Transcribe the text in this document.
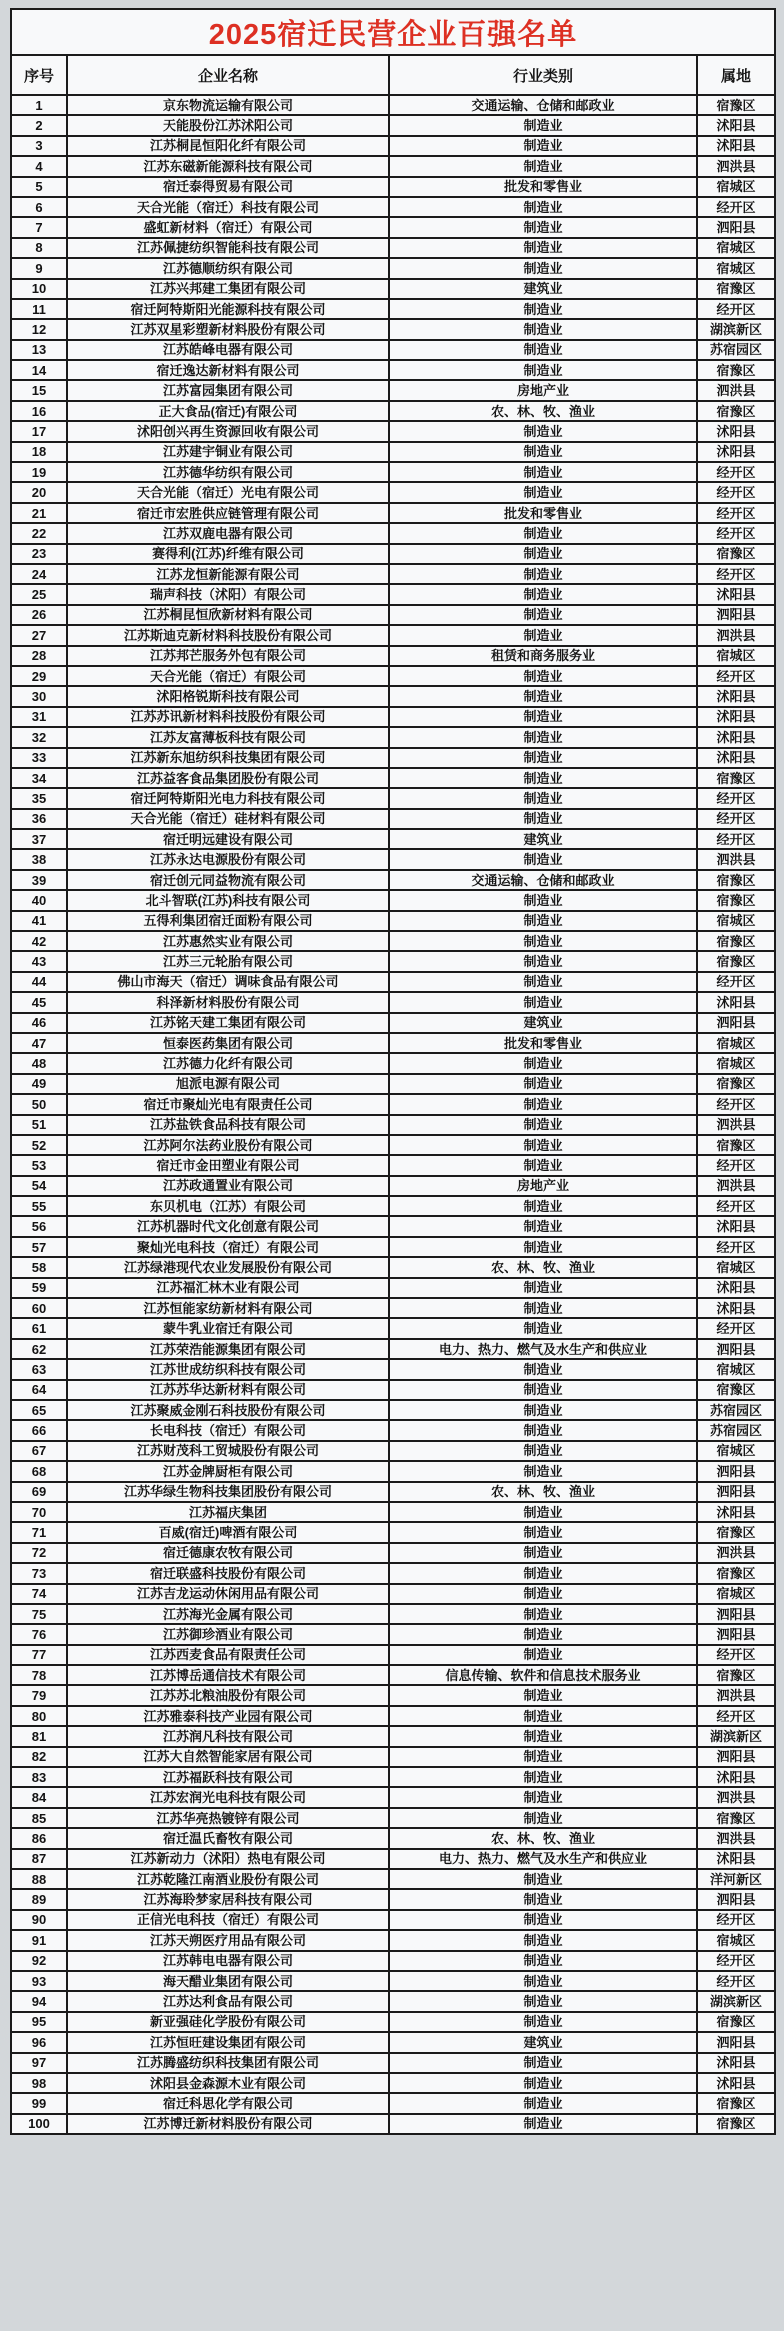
2025宿迁民营企业百强名单			
序号	企业名称	行业类别	属地
1	京东物流运输有限公司	交通运输、仓储和邮政业	宿豫区
2	天能股份江苏沭阳公司	制造业	沭阳县
3	江苏桐昆恒阳化纤有限公司	制造业	沭阳县
4	江苏东磁新能源科技有限公司	制造业	泗洪县
5	宿迁泰得贸易有限公司	批发和零售业	宿城区
6	天合光能（宿迁）科技有限公司	制造业	经开区
7	盛虹新材料（宿迁）有限公司	制造业	泗阳县
8	江苏佩捷纺织智能科技有限公司	制造业	宿城区
9	江苏德顺纺织有限公司	制造业	宿城区
10	江苏兴邦建工集团有限公司	建筑业	宿豫区
11	宿迁阿特斯阳光能源科技有限公司	制造业	经开区
12	江苏双星彩塑新材料股份有限公司	制造业	湖滨新区
13	江苏皓峰电器有限公司	制造业	苏宿园区
14	宿迁逸达新材料有限公司	制造业	宿豫区
15	江苏富园集团有限公司	房地产业	泗洪县
16	正大食品(宿迁)有限公司	农、林、牧、渔业	宿豫区
17	沭阳创兴再生资源回收有限公司	制造业	沭阳县
18	江苏建宇铜业有限公司	制造业	沭阳县
19	江苏德华纺织有限公司	制造业	经开区
20	天合光能（宿迁）光电有限公司	制造业	经开区
21	宿迁市宏胜供应链管理有限公司	批发和零售业	经开区
22	江苏双鹿电器有限公司	制造业	经开区
23	赛得利(江苏)纤维有限公司	制造业	宿豫区
24	江苏龙恒新能源有限公司	制造业	经开区
25	瑞声科技（沭阳）有限公司	制造业	沭阳县
26	江苏桐昆恒欣新材料有限公司	制造业	泗阳县
27	江苏斯迪克新材料科技股份有限公司	制造业	泗洪县
28	江苏邦芒服务外包有限公司	租赁和商务服务业	宿城区
29	天合光能（宿迁）有限公司	制造业	经开区
30	沭阳格锐斯科技有限公司	制造业	沭阳县
31	江苏苏讯新材料科技股份有限公司	制造业	沭阳县
32	江苏友富薄板科技有限公司	制造业	沭阳县
33	江苏新东旭纺织科技集团有限公司	制造业	沭阳县
34	江苏益客食品集团股份有限公司	制造业	宿豫区
35	宿迁阿特斯阳光电力科技有限公司	制造业	经开区
36	天合光能（宿迁）硅材料有限公司	制造业	经开区
37	宿迁明远建设有限公司	建筑业	经开区
38	江苏永达电源股份有限公司	制造业	泗洪县
39	宿迁创元同益物流有限公司	交通运输、仓储和邮政业	宿豫区
40	北斗智联(江苏)科技有限公司	制造业	宿豫区
41	五得利集团宿迁面粉有限公司	制造业	宿城区
42	江苏惠然实业有限公司	制造业	宿豫区
43	江苏三元轮胎有限公司	制造业	宿豫区
44	佛山市海天（宿迁）调味食品有限公司	制造业	经开区
45	科泽新材料股份有限公司	制造业	沭阳县
46	江苏铭天建工集团有限公司	建筑业	泗阳县
47	恒泰医药集团有限公司	批发和零售业	宿城区
48	江苏德力化纤有限公司	制造业	宿城区
49	旭派电源有限公司	制造业	宿豫区
50	宿迁市聚灿光电有限责任公司	制造业	经开区
51	江苏盐铁食品科技有限公司	制造业	泗洪县
52	江苏阿尔法药业股份有限公司	制造业	宿豫区
53	宿迁市金田塑业有限公司	制造业	经开区
54	江苏政通置业有限公司	房地产业	泗洪县
55	东贝机电（江苏）有限公司	制造业	经开区
56	江苏机器时代文化创意有限公司	制造业	沭阳县
57	聚灿光电科技（宿迁）有限公司	制造业	经开区
58	江苏绿港现代农业发展股份有限公司	农、林、牧、渔业	宿城区
59	江苏福汇林木业有限公司	制造业	沭阳县
60	江苏恒能家纺新材料有限公司	制造业	沭阳县
61	蒙牛乳业宿迁有限公司	制造业	经开区
62	江苏荣浩能源集团有限公司	电力、热力、燃气及水生产和供应业	泗阳县
63	江苏世成纺织科技有限公司	制造业	宿城区
64	江苏苏华达新材料有限公司	制造业	宿豫区
65	江苏聚威金刚石科技股份有限公司	制造业	苏宿园区
66	长电科技（宿迁）有限公司	制造业	苏宿园区
67	江苏财茂科工贸城股份有限公司	制造业	宿城区
68	江苏金牌厨柜有限公司	制造业	泗阳县
69	江苏华绿生物科技集团股份有限公司	农、林、牧、渔业	泗阳县
70	江苏福庆集团	制造业	沭阳县
71	百威(宿迁)啤酒有限公司	制造业	宿豫区
72	宿迁德康农牧有限公司	制造业	泗洪县
73	宿迁联盛科技股份有限公司	制造业	宿豫区
74	江苏吉龙运动休闲用品有限公司	制造业	宿城区
75	江苏海光金属有限公司	制造业	泗阳县
76	江苏御珍酒业有限公司	制造业	泗阳县
77	江苏西麦食品有限责任公司	制造业	经开区
78	江苏博岳通信技术有限公司	信息传输、软件和信息技术服务业	宿豫区
79	江苏苏北粮油股份有限公司	制造业	泗洪县
80	江苏雅泰科技产业园有限公司	制造业	经开区
81	江苏润凡科技有限公司	制造业	湖滨新区
82	江苏大自然智能家居有限公司	制造业	泗阳县
83	江苏福跃科技有限公司	制造业	沭阳县
84	江苏宏润光电科技有限公司	制造业	泗洪县
85	江苏华亮热镀锌有限公司	制造业	宿豫区
86	宿迁温氏畜牧有限公司	农、林、牧、渔业	泗洪县
87	江苏新动力（沭阳）热电有限公司	电力、热力、燃气及水生产和供应业	沭阳县
88	江苏乾隆江南酒业股份有限公司	制造业	洋河新区
89	江苏海聆梦家居科技有限公司	制造业	泗阳县
90	正信光电科技（宿迁）有限公司	制造业	经开区
91	江苏天朔医疗用品有限公司	制造业	宿城区
92	江苏韩电电器有限公司	制造业	经开区
93	海天醋业集团有限公司	制造业	经开区
94	江苏达利食品有限公司	制造业	湖滨新区
95	新亚强硅化学股份有限公司	制造业	宿豫区
96	江苏恒旺建设集团有限公司	建筑业	泗阳县
97	江苏腾盛纺织科技集团有限公司	制造业	沭阳县
98	沭阳县金森源木业有限公司	制造业	沭阳县
99	宿迁科思化学有限公司	制造业	宿豫区
100	江苏博迁新材料股份有限公司	制造业	宿豫区
